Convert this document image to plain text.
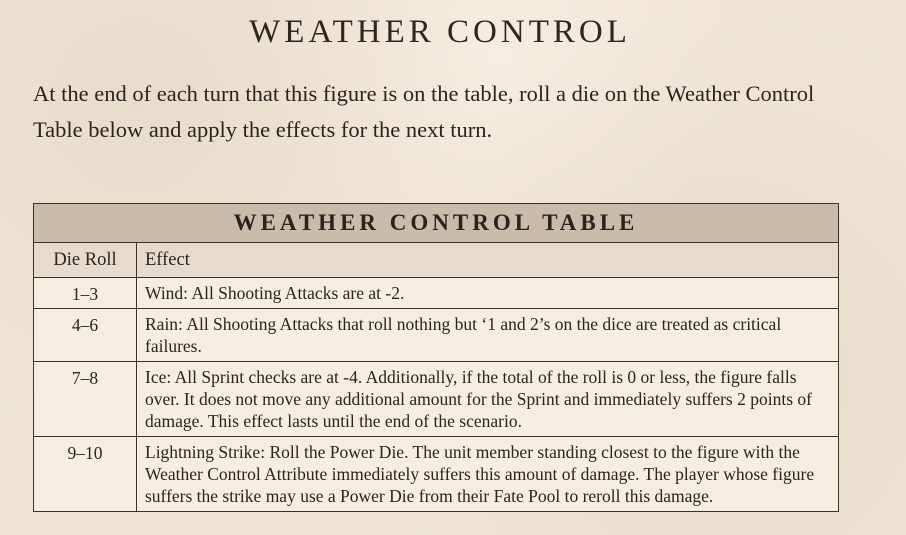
WEATHER CONTROL
At the end of each turn that this figure is on the table, roll a die on the Weather Control Table below and apply the effects for the next turn.
WEATHER CONTROL TABLE
Die Roll	Effect
1–3	Wind: All Shooting Attacks are at -2.
4–6	Rain: All Shooting Attacks that roll nothing but ‘1 and 2’s on the dice are treated as critical failures.
7–8	Ice: All Sprint checks are at -4. Additionally, if the total of the roll is 0 or less, the figure falls over. It does not move any additional amount for the Sprint and immediately suffers 2 points of damage. This effect lasts until the end of the scenario.
9–10	Lightning Strike: Roll the Power Die. The unit member standing closest to the figure with the Weather Control Attribute immediately suffers this amount of damage. The player whose figure suffers the strike may use a Power Die from their Fate Pool to reroll this damage.
